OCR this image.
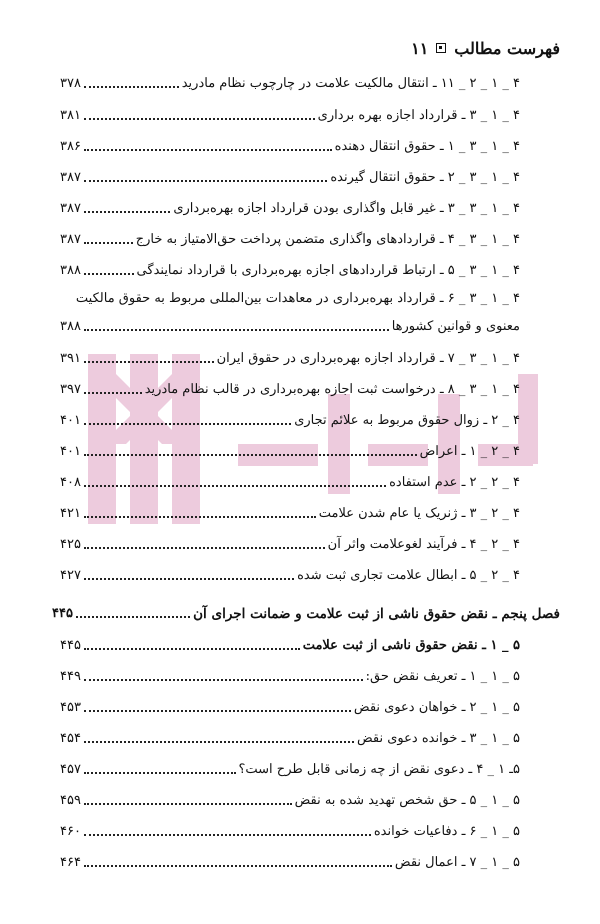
فهرست مطالب
۱۱
۴ _ ۱ _ ۲ _ ۱۱ ـ انتقال مالکیت علامت در چارچوب نظام مادرید
۳۷۸
۴ _ ۱ _ ۳ ـ قرارداد اجازه بهره برداری
۳۸۱
۴ _ ۱ _ ۳ _ ۱ ـ حقوق انتقال دهنده
۳۸۶
۴ _ ۱ _ ۳ _ ۲ ـ حقوق انتقال گیرنده
۳۸۷
۴ _ ۱ _ ۳ _ ۳ ـ غیر قابل واگذاری بودن قرارداد اجازه بهره‌برداری
۳۸۷
۴ _ ۱ _ ۳ _ ۴ ـ قراردادهای واگذاری متضمن پرداخت حق‌الامتیاز به خارج
۳۸۷
۴ _ ۱ _ ۳ _ ۵ ـ ارتباط قراردادهای اجازه بهره‌برداری با قرارداد نمایندگی
۳۸۸
۴ _ ۱ _ ۳ _ ۶ ـ قرارداد بهره‌برداری در معاهدات بین‌المللی مربوط به حقوق مالکیت
معنوی و قوانین کشورها
۳۸۸
۴ _ ۱ _ ۳ _ ۷ ـ قرارداد اجازه بهره‌برداری در حقوق ایران
۳۹۱
۴ _ ۱ _ ۳ _ ۸ ـ درخواست ثبت اجازه بهره‌برداری در قالب نظام مادرید
۳۹۷
۴ _ ۲ ـ زوال حقوق مربوط به علائم تجاری
۴۰۱
۴ _ ۲ _ ۱ ـ اعراض
۴۰۱
۴ _ ۲ _ ۲ ـ عدم استفاده
۴۰۸
۴ _ ۲ _ ۳ ـ ژنریک یا عام شدن علامت
۴۲۱
۴ _ ۲ _ ۴ ـ فرآیند لغوعلامت واثر آن
۴۲۵
۴ _ ۲ _ ۵ ـ ابطال علامت تجاری ثبت شده
۴۲۷
فصل پنجم ـ نقض حقوق ناشی از ثبت علامت و ضمانت اجرای آن
۴۴۵
۵ _ ۱ ـ نقض حقوق ناشی از ثبت علامت
۴۴۵
۵ _ ۱ _ ۱ ـ تعریف نقض حق:
۴۴۹
۵ _ ۱ _ ۲ ـ خواهان دعوی نقض
۴۵۳
۵ _ ۱ _ ۳ ـ خوانده دعوی نقض
۴۵۴
۵ـ ۱ _ ۴ ـ دعوی نقض از چه زمانی قابل طرح است؟
۴۵۷
۵ _ ۱ _ ۵ ـ حق شخص تهدید شده به نقض
۴۵۹
۵ _ ۱ _ ۶ ـ دفاعیات خوانده
۴۶۰
۵ _ ۱ _ ۷ ـ اعمال نقض
۴۶۴
